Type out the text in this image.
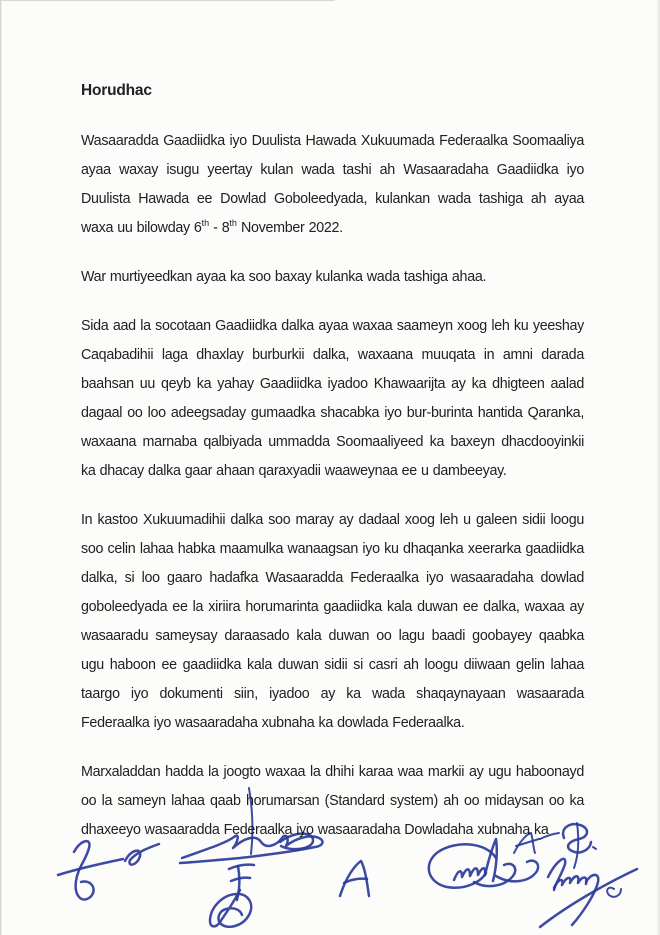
Horudhac
Wasaaradda Gaadiidka iyo Duulista Hawada Xukuumada Federaalka Soomaaliya
ayaa waxay isugu yeertay kulan wada tashi ah Wasaaradaha Gaadiidka iyo
Duulista Hawada ee Dowlad Goboleedyada, kulankan wada tashiga ah ayaa
waxa uu bilowday 6th - 8th November 2022.
War murtiyeedkan ayaa ka soo baxay kulanka wada tashiga ahaa.
Sida aad la socotaan Gaadiidka dalka ayaa waxaa saameyn xoog leh ku yeeshay
Caqabadihii laga dhaxlay burburkii dalka, waxaana muuqata in amni darada
baahsan uu qeyb ka yahay Gaadiidka iyadoo Khawaarijta ay ka dhigteen aalad
dagaal oo loo adeegsaday gumaadka shacabka iyo bur-burinta hantida Qaranka,
waxaana marnaba qalbiyada ummadda Soomaaliyeed ka baxeyn dhacdooyinkii
ka dhacay dalka gaar ahaan qaraxyadii waaweynaa ee u dambeeyay.
In kastoo Xukuumadihii dalka soo maray ay dadaal xoog leh u galeen sidii loogu
soo celin lahaa habka maamulka wanaagsan iyo ku dhaqanka xeerarka gaadiidka
dalka, si loo gaaro hadafka Wasaaradda Federaalka iyo wasaaradaha dowlad
goboleedyada ee la xiriira horumarinta gaadiidka kala duwan ee dalka, waxaa ay
wasaaradu sameysay daraasado kala duwan oo lagu baadi goobayey qaabka
ugu haboon ee gaadiidka kala duwan sidii si casri ah loogu diiwaan gelin lahaa
taargo iyo dokumenti siin, iyadoo ay ka wada shaqaynayaan wasaarada
Federaalka iyo wasaaradaha xubnaha ka dowlada Federaalka.
Marxaladdan hadda la joogto waxaa la dhihi karaa waa markii ay ugu haboonayd
oo la sameyn lahaa qaab horumarsan (Standard system) ah oo midaysan oo ka
dhaxeeyo wasaaradda Federaalka iyo wasaaradaha Dowladaha xubnaha ka
